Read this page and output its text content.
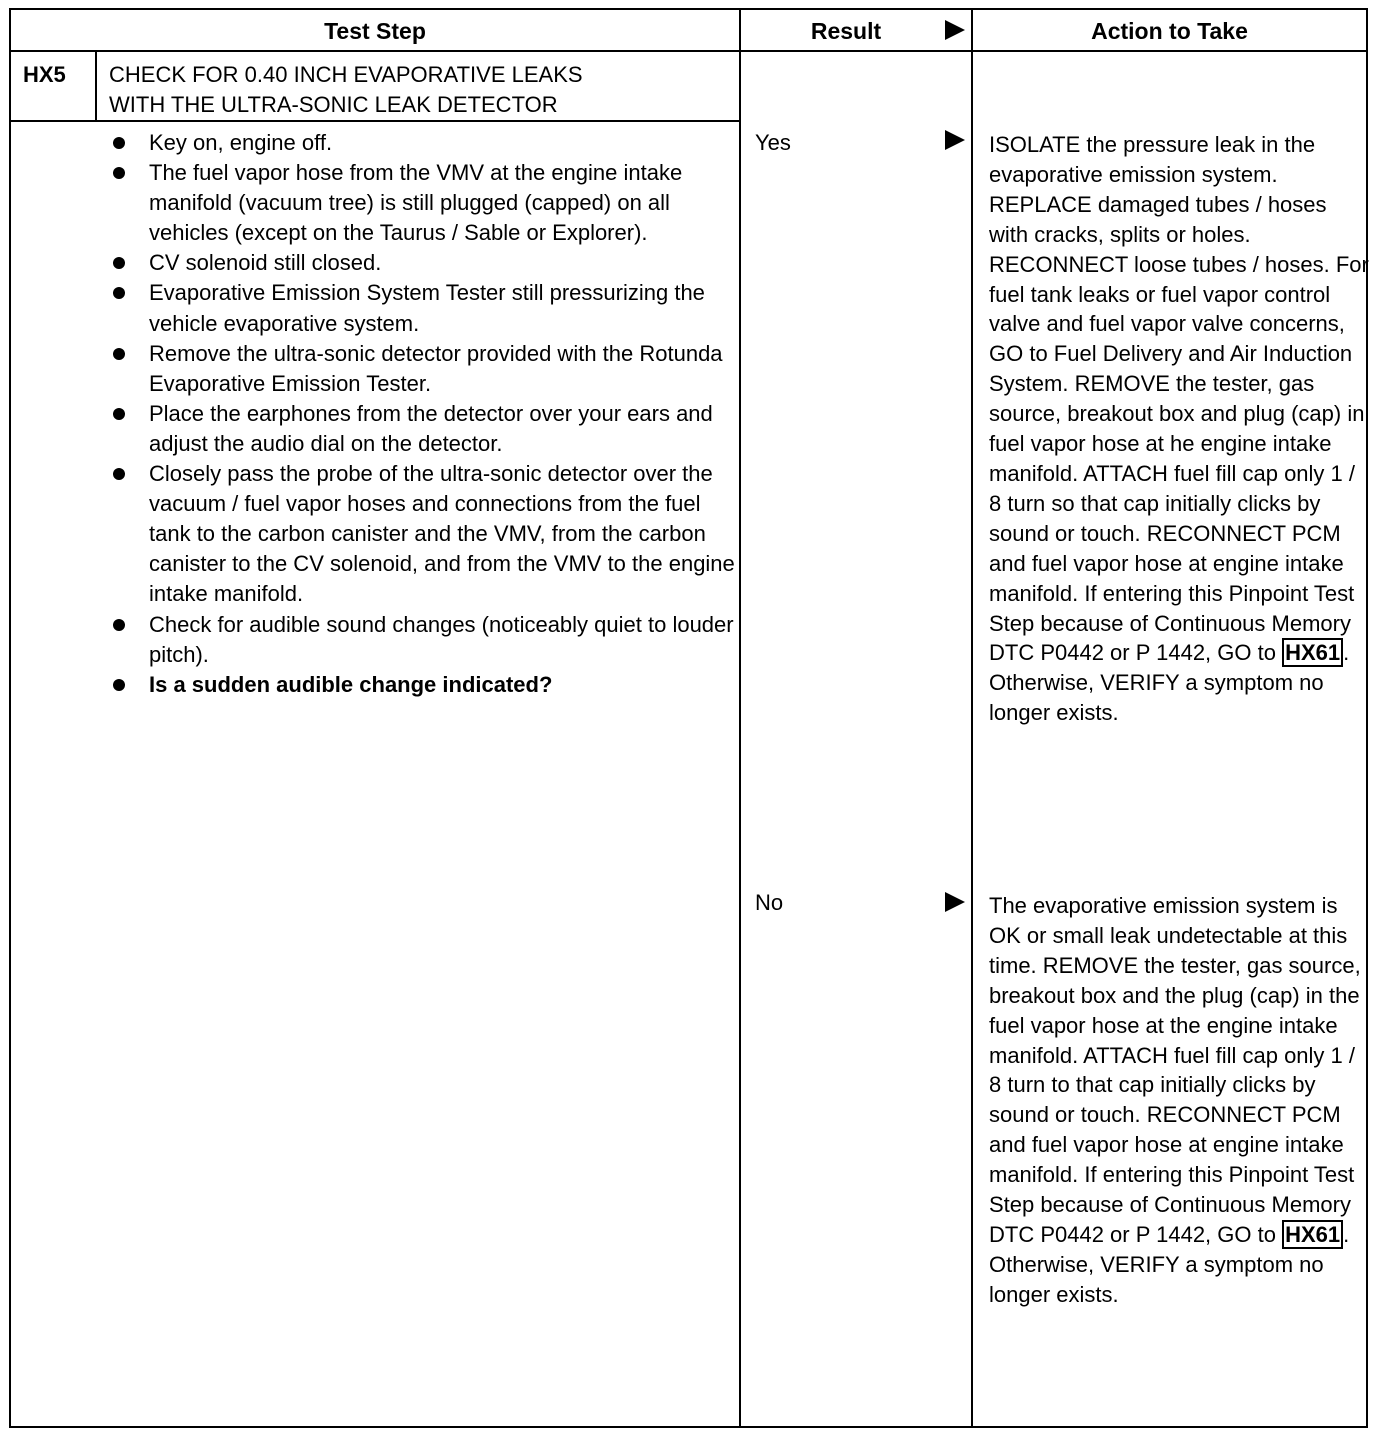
Test Step	Result	Action to Take
HX5 CHECK FOR 0.40 INCH EVAPORATIVE LEAKS
WITH THE ULTRA-SONIC LEAK DETECTOR
Key on, engine off.
The fuel vapor hose from the VMV at the engine intake manifold (vacuum tree) is still plugged (capped) on all vehicles (except on the Taurus / Sable or Explorer).
CV solenoid still closed.
Evaporative Emission System Tester still pressurizing the vehicle evaporative system.
Remove the ultra-sonic detector provided with the Rotunda Evaporative Emission Tester.
Place the earphones from the detector over your ears and adjust the audio dial on the detector.
Closely pass the probe of the ultra-sonic detector over the vacuum / fuel vapor hoses and connections from the fuel tank to the carbon canister and the VMV, from the carbon canister to the CV solenoid, and from the VMV to the engine intake manifold.
Check for audible sound changes (noticeably quiet to louder pitch).
Is a sudden audible change indicated?
Yes	ISOLATE the pressure leak in the evaporative emission system. REPLACE damaged tubes / hoses with cracks, splits or holes. RECONNECT loose tubes / hoses. For fuel tank leaks or fuel vapor control valve and fuel vapor valve concerns, GO to Fuel Delivery and Air Induction System. REMOVE the tester, gas source, breakout box and plug (cap) in fuel vapor hose at he engine intake manifold. ATTACH fuel fill cap only 1 / 8 turn so that cap initially clicks by sound or touch. RECONNECT PCM and fuel vapor hose at engine intake manifold. If entering this Pinpoint Test Step because of Continuous Memory DTC P0442 or P 1442, GO to HX61 . Otherwise, VERIFY a symptom no longer exists.
No	The evaporative emission system is OK or small leak undetectable at this time. REMOVE the tester, gas source, breakout box and the plug (cap) in the fuel vapor hose at the engine intake manifold. ATTACH fuel fill cap only 1 / 8 turn to that cap initially clicks by sound or touch. RECONNECT PCM and fuel vapor hose at engine intake manifold. If entering this Pinpoint Test Step because of Continuous Memory DTC P0442 or P 1442, GO to HX61 . Otherwise, VERIFY a symptom no longer exists.
